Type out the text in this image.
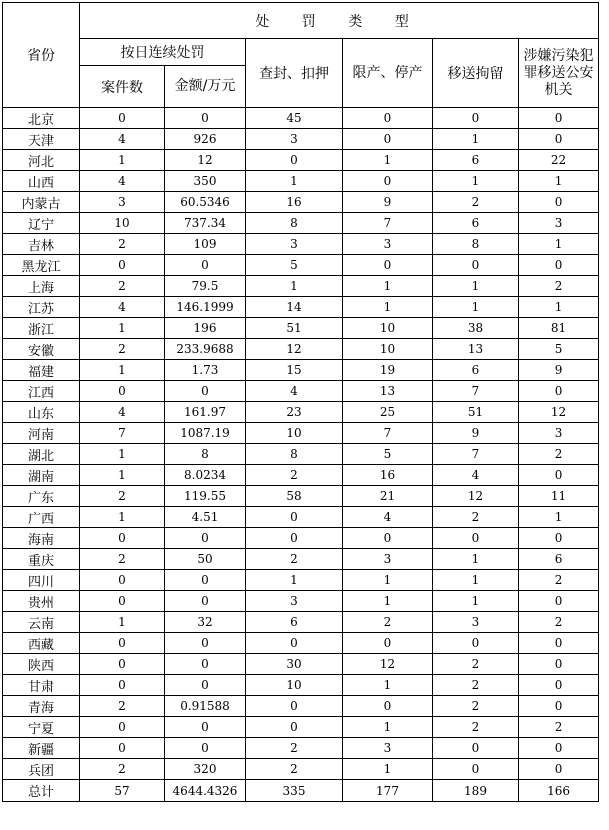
省份	处 罚 类 型					
	按日连续处罚		查封、扣押	限产、停产	移送拘留	涉嫌污染犯罪移送公安机关
	案件数	金额/万元				
北京	0	0	45	0	0	0
天津	4	926	3	0	1	0
河北	1	12	0	1	6	22
山西	4	350	1	0	1	1
内蒙古	3	60.5346	16	9	2	0
辽宁	10	737.34	8	7	6	3
吉林	2	109	3	3	8	1
黑龙江	0	0	5	0	0	0
上海	2	79.5	1	1	1	2
江苏	4	146.1999	14	1	1	1
浙江	1	196	51	10	38	81
安徽	2	233.9688	12	10	13	5
福建	1	1.73	15	19	6	9
江西	0	0	4	13	7	0
山东	4	161.97	23	25	51	12
河南	7	1087.19	10	7	9	3
湖北	1	8	8	5	7	2
湖南	1	8.0234	2	16	4	0
广东	2	119.55	58	21	12	11
广西	1	4.51	0	4	2	1
海南	0	0	0	0	0	0
重庆	2	50	2	3	1	6
四川	0	0	1	1	1	2
贵州	0	0	3	1	1	0
云南	1	32	6	2	3	2
西藏	0	0	0	0	0	0
陕西	0	0	30	12	2	0
甘肃	0	0	10	1	2	0
青海	2	0.91588	0	0	2	0
宁夏	0	0	0	1	2	2
新疆	0	0	2	3	0	0
兵团	2	320	2	1	0	0
总计	57	4644.4326	335	177	189	166
